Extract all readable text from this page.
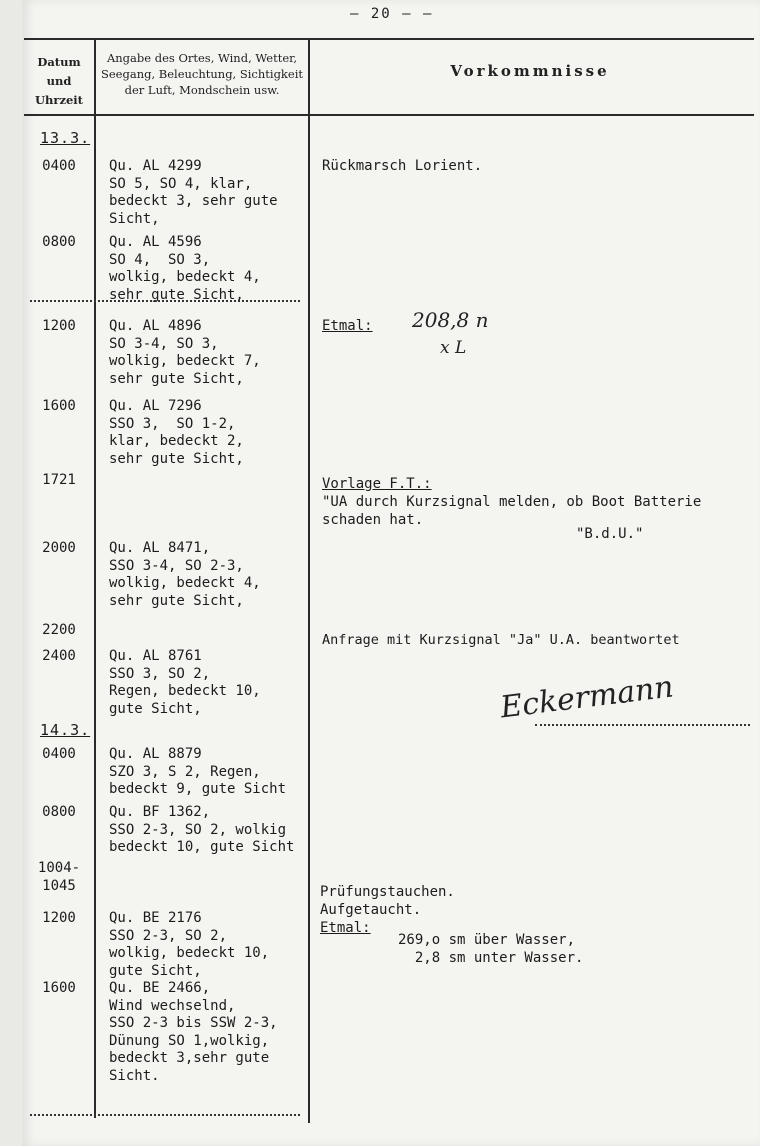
– 20 – –
Datum
und
Uhrzeit
Angabe des Ortes, Wind, Wetter,
Seegang, Beleuchtung, Sichtigkeit
der Luft, Mondschein usw.
Vorkommnisse
13.3.
14.3.
0400
0800
1200
1600
1721
2000
2200
2400
0400
0800
1004-
1045
1200
1600
Qu. AL 4299
SO 5, SO 4, klar,
bedeckt 3, sehr gute
Sicht,
Qu. AL 4596
SO 4,  SO 3,
wolkig, bedeckt 4,
sehr gute Sicht,
Qu. AL 4896
SO 3-4, SO 3,
wolkig, bedeckt 7,
sehr gute Sicht,
Qu. AL 7296
SSO 3,  SO 1-2,
klar, bedeckt 2,
sehr gute Sicht,
Qu. AL 8471,
SSO 3-4, SO 2-3,
wolkig, bedeckt 4,
sehr gute Sicht,
Qu. AL 8761
SSO 3, SO 2,
Regen, bedeckt 10,
gute Sicht,
Qu. AL 8879
SZO 3, S 2, Regen,
bedeckt 9, gute Sicht
Qu. BF 1362,
SSO 2-3, SO 2, wolkig
bedeckt 10, gute Sicht
Qu. BE 2176
SSO 2-3, SO 2,
wolkig, bedeckt 10,
gute Sicht,
Qu. BE 2466,
Wind wechselnd,
SSO 2-3 bis SSW 2-3,
Dünung SO 1,wolkig,
bedeckt 3,sehr gute
Sicht.
Rückmarsch Lorient.
Etmal: 208,8 n
x L
Vorlage F.T.:
"UA durch Kurzsignal melden, ob Boot Batterie
schaden hat.
"B.d.U."
Anfrage mit Kurzsignal "Ja" U.A. beantwortet
Eckermann
Prüfungstauchen.
Aufgetaucht.
Etmal:
269,o sm über Wasser,
2,8 sm unter Wasser.
